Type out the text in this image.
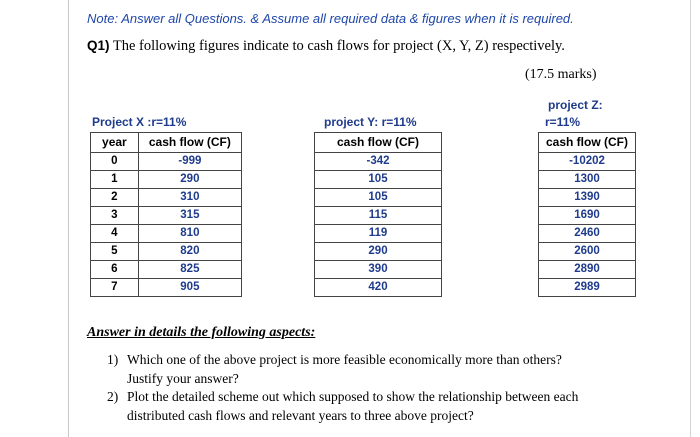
Note: Answer all Questions. & Assume all required data & figures when it is required.
Q1) The following figures indicate to cash flows for project (X, Y, Z) respectively.
(17.5 marks)
Project X :r=11%
year	cash flow (CF)
0	-999
1	290
2	310
3	315
4	810
5	820
6	825
7	905
project Y: r=11%
cash flow (CF)
-342
105
105
115
119
290
390
420
project Z:
r=11%
cash flow (CF)
-10202
1300
1390
1690
2460
2600
2890
2989
Answer in details the following aspects:
1) Which one of the above project is more feasible economically more than others?
Justify your answer?
2) Plot the detailed scheme out which supposed to show the relationship between each
distributed cash flows and relevant years to three above project?
